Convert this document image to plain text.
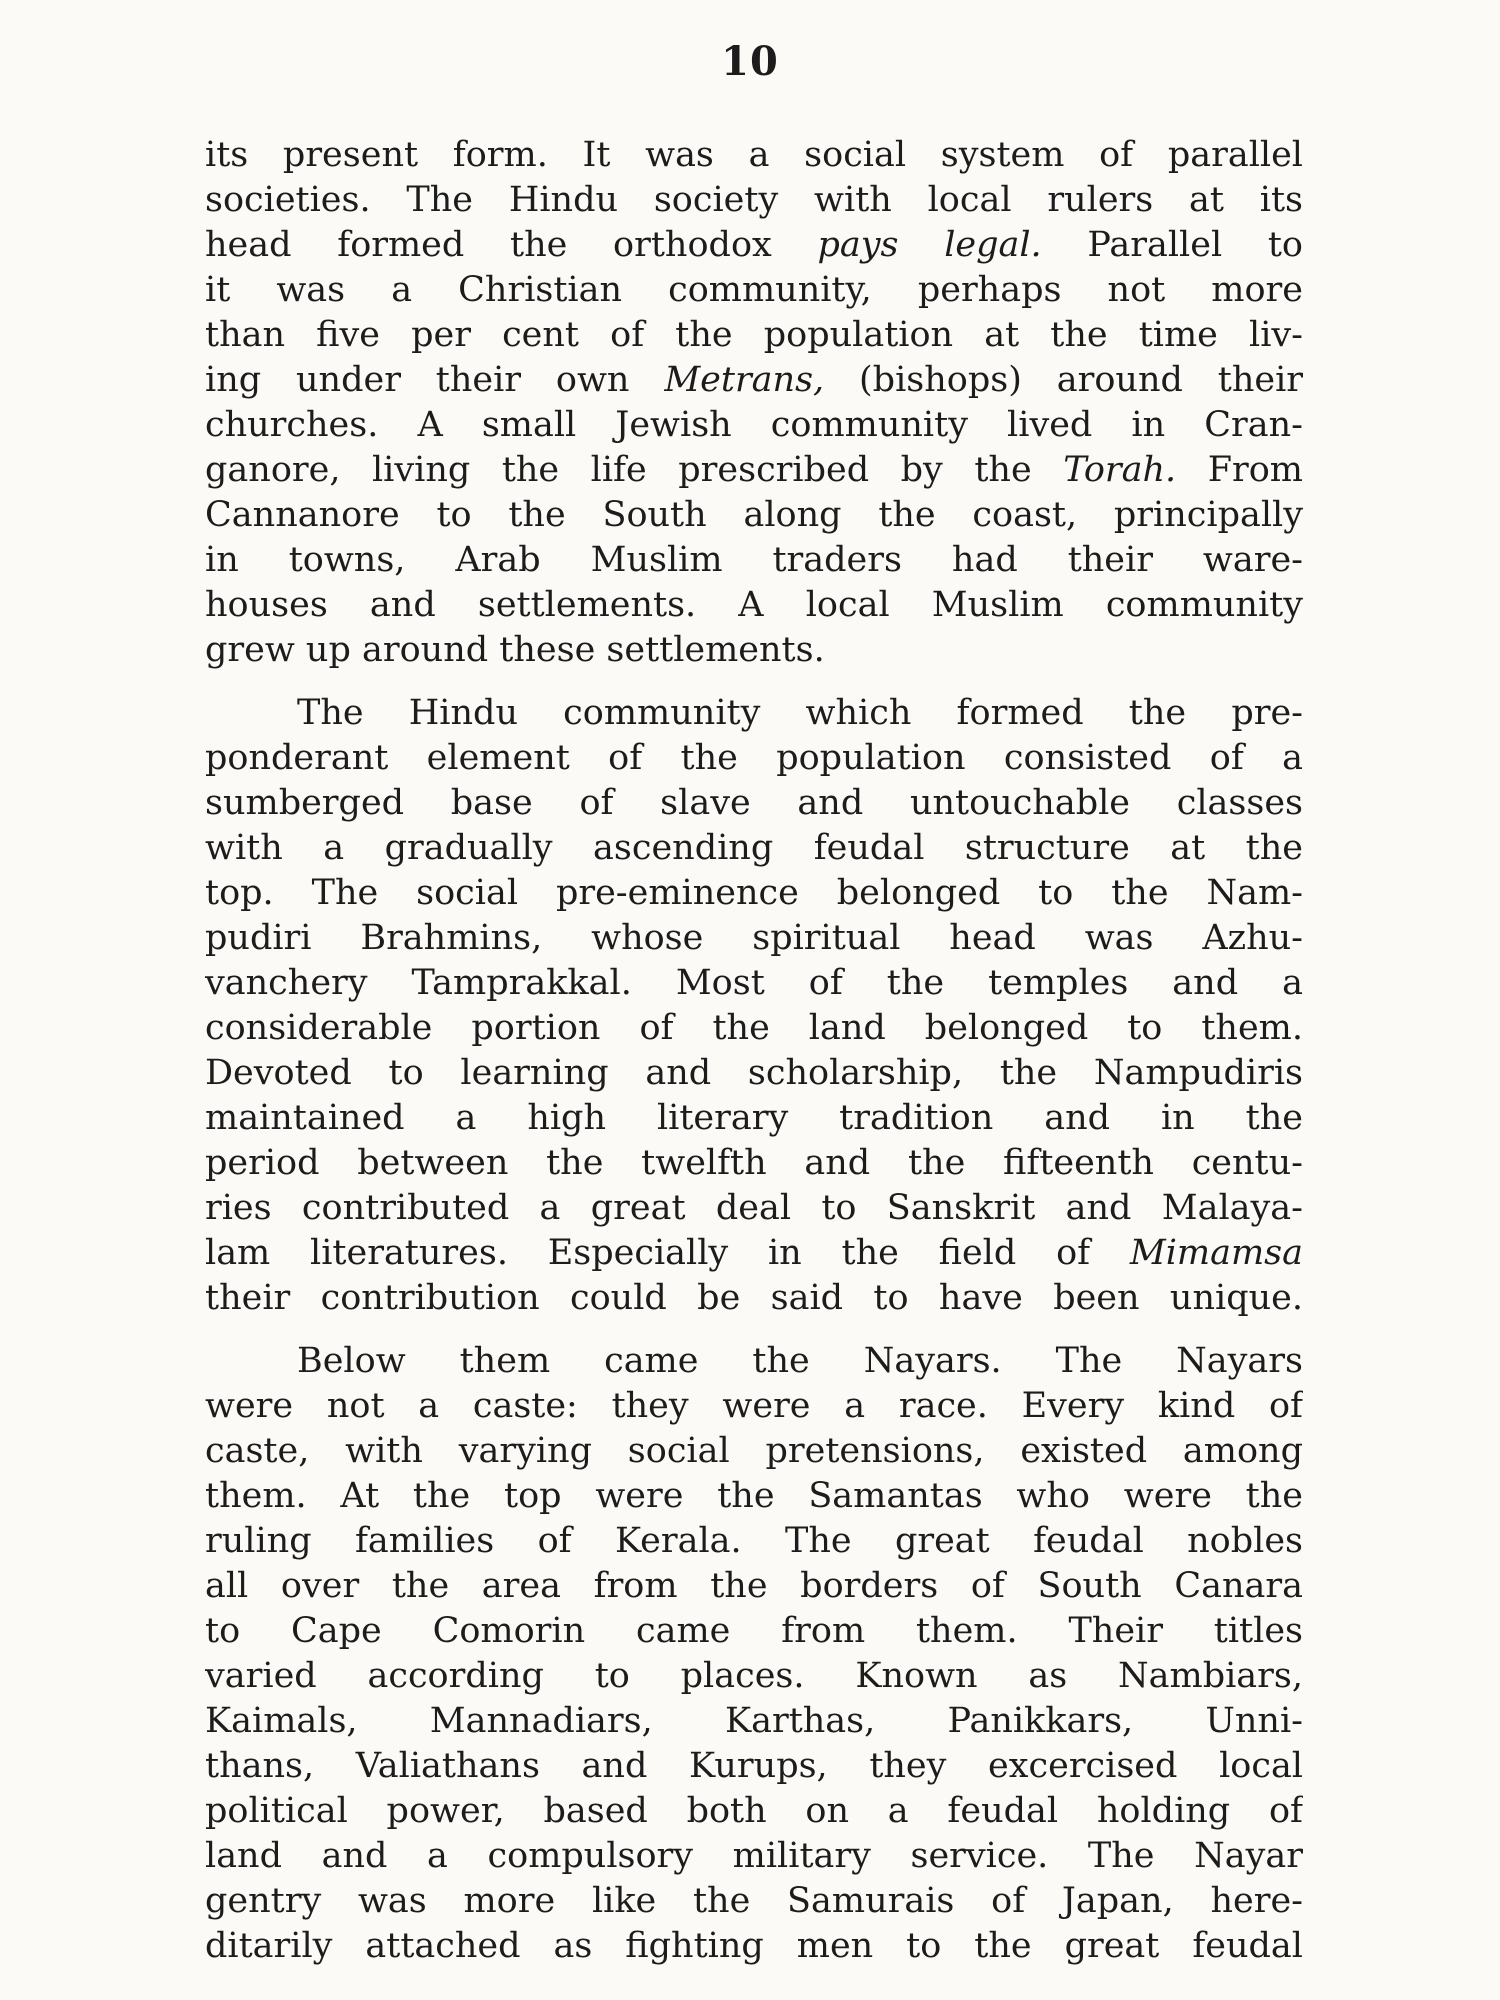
10
its present form. It was a social system of parallel
societies. The Hindu society with local rulers at its
head formed the orthodox pays legal. Parallel to
it was a Christian community, perhaps not more
than five per cent of the population at the time liv-
ing under their own Metrans, (bishops) around their
churches. A small Jewish community lived in Cran-
ganore, living the life prescribed by the Torah. From
Cannanore to the South along the coast, principally
in towns, Arab Muslim traders had their ware-
houses and settlements. A local Muslim community
grew up around these settlements.
The Hindu community which formed the pre-
ponderant element of the population consisted of a
sumberged base of slave and untouchable classes
with a gradually ascending feudal structure at the
top. The social pre-eminence belonged to the Nam-
pudiri Brahmins, whose spiritual head was Azhu-
vanchery Tamprakkal. Most of the temples and a
considerable portion of the land belonged to them.
Devoted to learning and scholarship, the Nampudiris
maintained a high literary tradition and in the
period between the twelfth and the fifteenth centu-
ries contributed a great deal to Sanskrit and Malaya-
lam literatures. Especially in the field of Mimamsa
their contribution could be said to have been unique.
Below them came the Nayars. The Nayars
were not a caste: they were a race. Every kind of
caste, with varying social pretensions, existed among
them. At the top were the Samantas who were the
ruling families of Kerala. The great feudal nobles
all over the area from the borders of South Canara
to Cape Comorin came from them. Their titles
varied according to places. Known as Nambiars,
Kaimals, Mannadiars, Karthas, Panikkars, Unni-
thans, Valiathans and Kurups, they excercised local
political power, based both on a feudal holding of
land and a compulsory military service. The Nayar
gentry was more like the Samurais of Japan, here-
ditarily attached as fighting men to the great feudal
